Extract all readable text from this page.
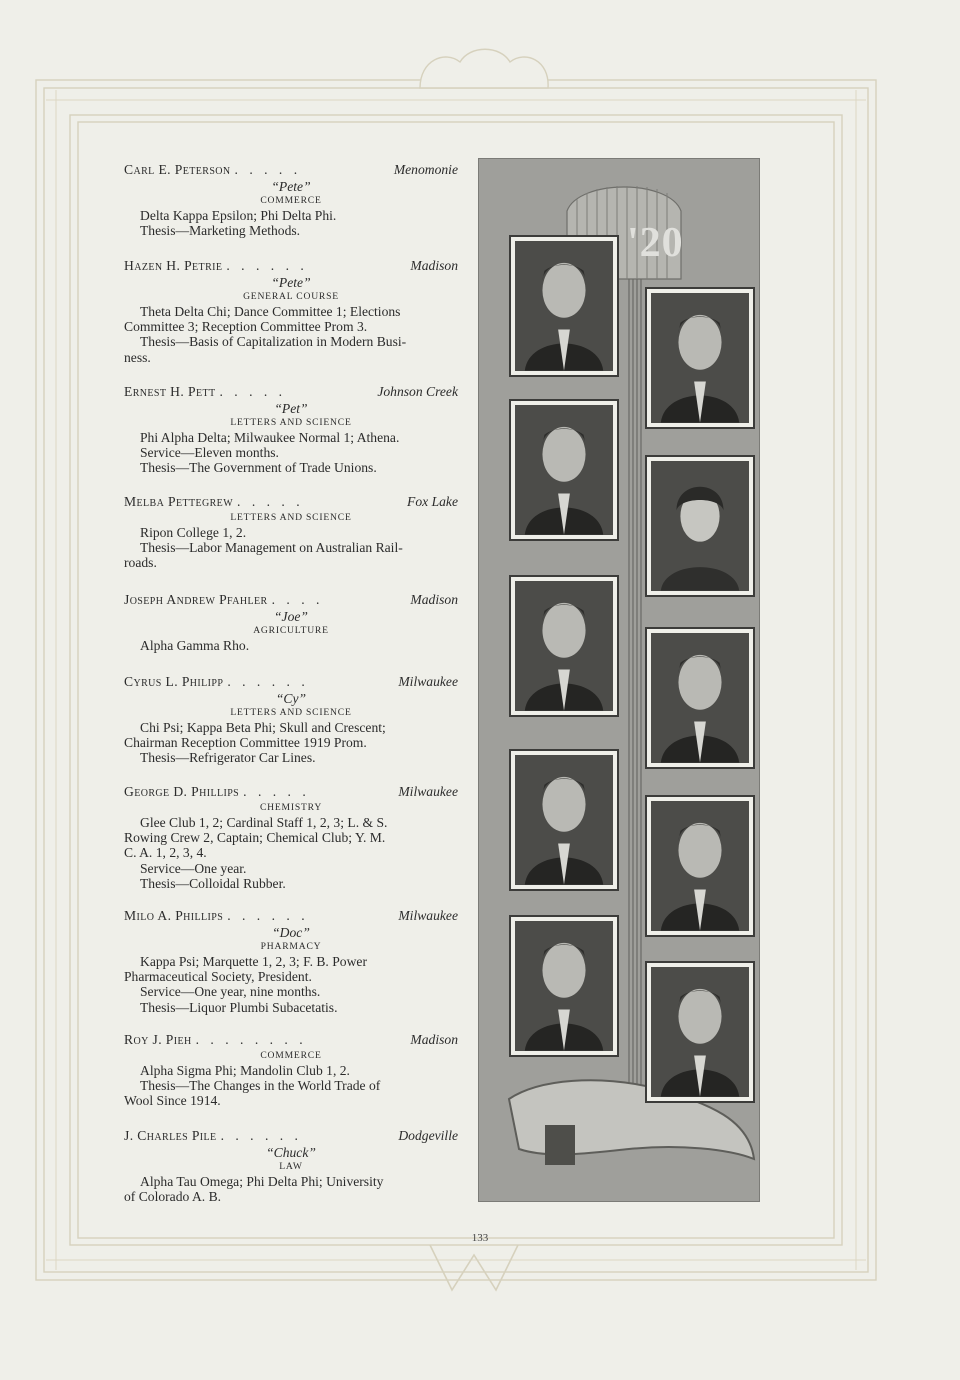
Carl E. Peterson . . . . .	Menomonie
“Pete”
COMMERCE
Delta Kappa Epsilon; Phi Delta Phi.
Thesis—Marketing Methods.
Hazen H. Petrie . . . . . .	Madison
“Pete”
GENERAL COURSE
Theta Delta Chi; Dance Committee 1; Elections
Committee 3; Reception Committee Prom 3.
Thesis—Basis of Capitalization in Modern Busi-
ness.
Ernest H. Pett . . . . .	Johnson Creek
“Pet”
LETTERS AND SCIENCE
Phi Alpha Delta; Milwaukee Normal 1; Athena.
Service—Eleven months.
Thesis—The Government of Trade Unions.
Melba Pettegrew . . . . .	Fox Lake
LETTERS AND SCIENCE
Ripon College 1, 2.
Thesis—Labor Management on Australian Rail-
roads.
Joseph Andrew Pfahler . . . .	Madison
“Joe”
AGRICULTURE
Alpha Gamma Rho.
Cyrus L. Philipp . . . . . .	Milwaukee
“Cy”
LETTERS AND SCIENCE
Chi Psi; Kappa Beta Phi; Skull and Crescent;
Chairman Reception Committee 1919 Prom.
Thesis—Refrigerator Car Lines.
George D. Phillips . . . . .	Milwaukee
CHEMISTRY
Glee Club 1, 2; Cardinal Staff 1, 2, 3; L. & S.
Rowing Crew 2, Captain; Chemical Club; Y. M.
C. A. 1, 2, 3, 4.
Service—One year.
Thesis—Colloidal Rubber.
Milo A. Phillips . . . . . .	Milwaukee
“Doc”
PHARMACY
Kappa Psi; Marquette 1, 2, 3; F. B. Power
Pharmaceutical Society, President.
Service—One year, nine months.
Thesis—Liquor Plumbi Subacetatis.
Roy J. Pieh . . . . . . . .	Madison
COMMERCE
Alpha Sigma Phi; Mandolin Club 1, 2.
Thesis—The Changes in the World Trade of
Wool Since 1914.
J. Charles Pile . . . . . .	Dodgeville
“Chuck”
LAW
Alpha Tau Omega; Phi Delta Phi; University
of Colorado A. B.
'20
133
